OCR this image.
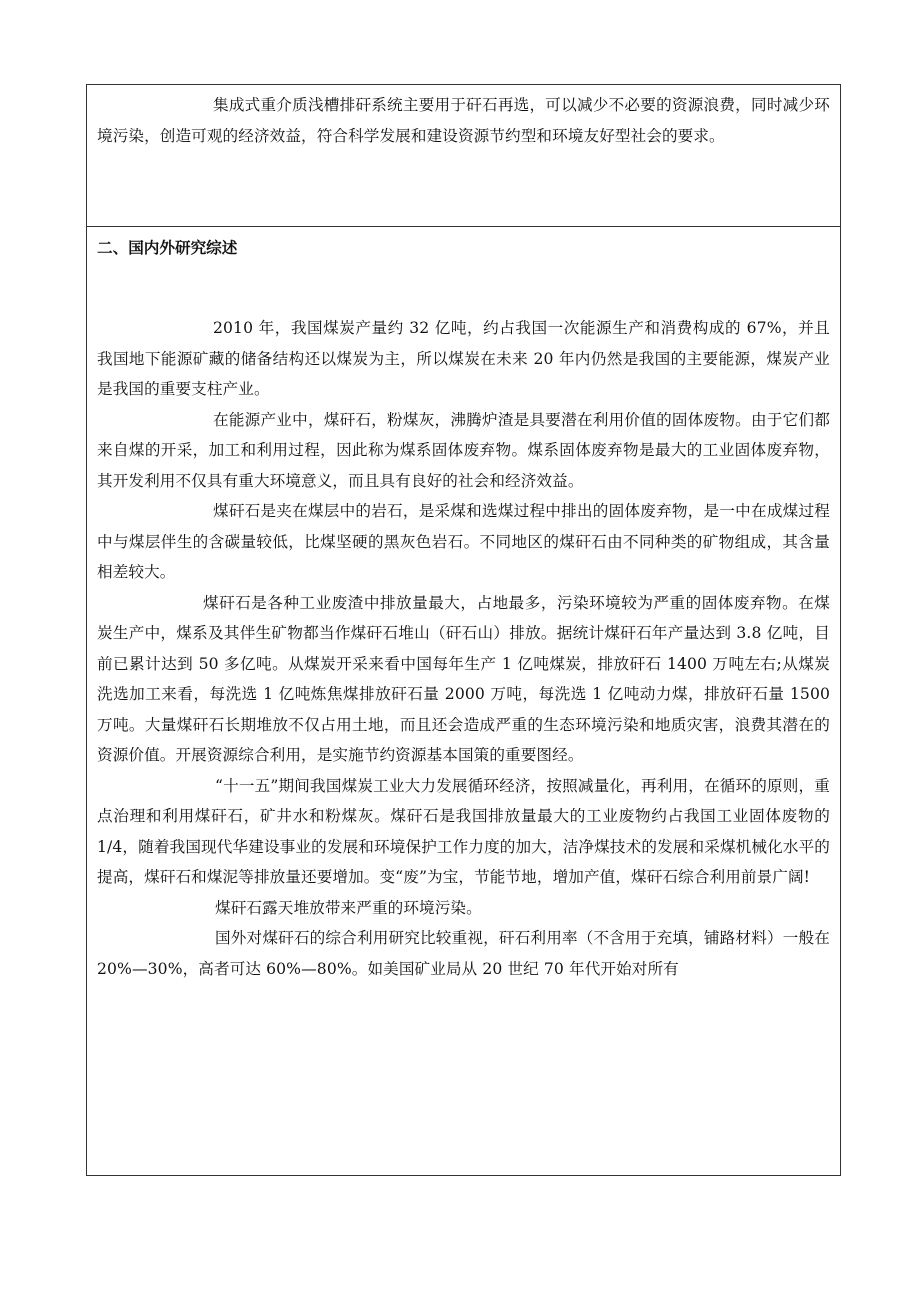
集成式重介质浅槽排矸系统主要用于矸石再选，可以减少不必要的资源浪费，同时减少环境污染，创造可观的经济效益，符合科学发展和建设资源节约型和环境友好型社会的要求。

二、国内外研究综述

2010 年，我国煤炭产量约 32 亿吨，约占我国一次能源生产和消费构成的 67%，并且我国地下能源矿藏的储备结构还以煤炭为主，所以煤炭在未来 20 年内仍然是我国的主要能源，煤炭产业是我国的重要支柱产业。

在能源产业中，煤矸石，粉煤灰，沸腾炉渣是具要潜在利用价值的固体废物。由于它们都来自煤的开采，加工和利用过程，因此称为煤系固体废弃物。煤系固体废弃物是最大的工业固体废弃物，其开发利用不仅具有重大环境意义，而且具有良好的社会和经济效益。

煤矸石是夹在煤层中的岩石，是采煤和选煤过程中排出的固体废弃物，是一中在成煤过程中与煤层伴生的含碳量较低，比煤坚硬的黑灰色岩石。不同地区的煤矸石由不同种类的矿物组成，其含量相差较大。

煤矸石是各种工业废渣中排放量最大，占地最多，污染环境较为严重的固体废弃物。在煤炭生产中，煤系及其伴生矿物都当作煤矸石堆山（矸石山）排放。据统计煤矸石年产量达到 3.8 亿吨，目前已累计达到 50 多亿吨。从煤炭开采来看中国每年生产 1 亿吨煤炭，排放矸石 1400 万吨左右;从煤炭洗选加工来看，每洗选 1 亿吨炼焦煤排放矸石量 2000 万吨，每洗选 1 亿吨动力煤，排放矸石量 1500 万吨。大量煤矸石长期堆放不仅占用土地，而且还会造成严重的生态环境污染和地质灾害，浪费其潜在的资源价值。开展资源综合利用，是实施节约资源基本国策的重要图经。

“十一五”期间我国煤炭工业大力发展循环经济，按照减量化，再利用，在循环的原则，重点治理和利用煤矸石，矿井水和粉煤灰。煤矸石是我国排放量最大的工业废物约占我国工业固体废物的 1/4，随着我国现代华建设事业的发展和环境保护工作力度的加大，洁净煤技术的发展和采煤机械化水平的提高，煤矸石和煤泥等排放量还要增加。变“废”为宝，节能节地，增加产值，煤矸石综合利用前景广阔!

煤矸石露天堆放带来严重的环境污染。

国外对煤矸石的综合利用研究比较重视，矸石利用率（不含用于充填，铺路材料）一般在 20%—30%，高者可达 60%—80%。如美国矿业局从 20 世纪 70 年代开始对所有
